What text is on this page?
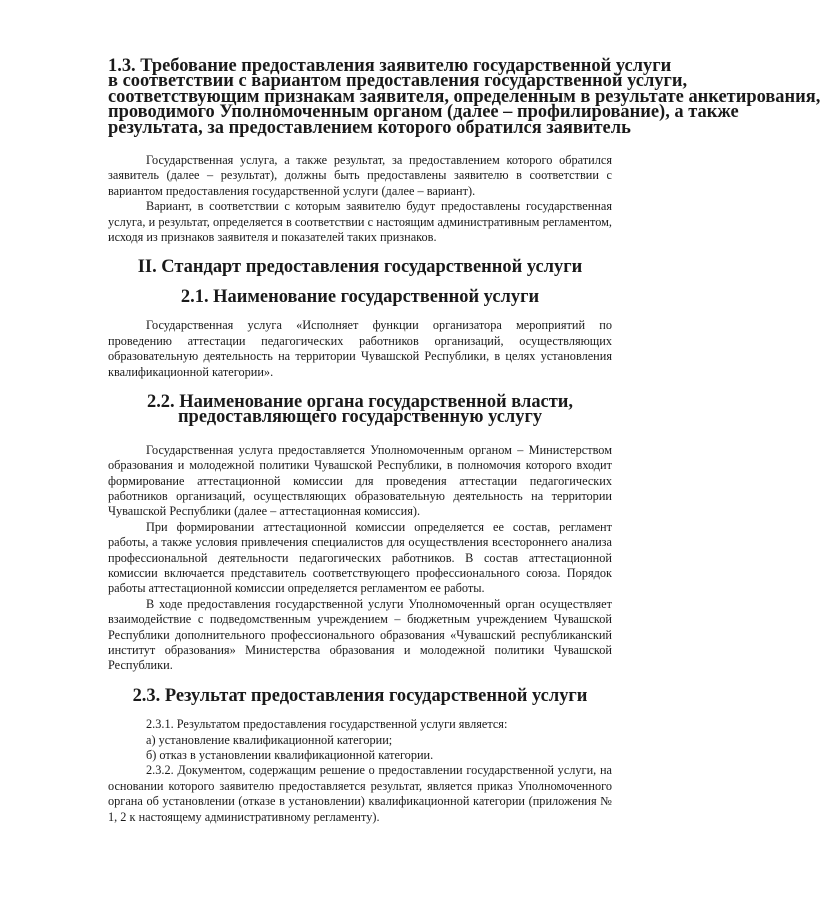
1.3. Требование предоставления заявителю государственной услуги
в соответствии с вариантом предоставления государственной услуги,
соответствующим признакам заявителя, определенным в результате анкетирования,
проводимого Уполномоченным органом (далее – профилирование), а также
результата, за предоставлением которого обратился заявитель

Государственная услуга, а также результат, за предоставлением которого обратился заявитель (далее – результат), должны быть предоставлены заявителю в соответствии с вариантом предоставления государственной услуги (далее – вариант).

Вариант, в соответствии с которым заявителю будут предоставлены государственная услуга, и результат, определяется в соответствии с настоящим административным регламентом, исходя из признаков заявителя и показателей таких признаков.

II. Стандарт предоставления государственной услуги
2.1. Наименование государственной услуги

Государственная услуга «Исполняет функции организатора мероприятий по проведению аттестации педагогических работников организаций, осуществляющих образовательную деятельность на территории Чувашской Республики, в целях установления квалификационной категории».

2.2. Наименование органа государственной власти,
предоставляющего государственную услугу

Государственная услуга предоставляется Уполномоченным органом – Министерством образования и молодежной политики Чувашской Республики, в полномочия которого входит формирование аттестационной комиссии для проведения аттестации педагогических работников организаций, осуществляющих образовательную деятельность на территории Чувашской Республики (далее – аттестационная комиссия).

При формировании аттестационной комиссии определяется ее состав, регламент работы, а также условия привлечения специалистов для осуществления всестороннего анализа профессиональной деятельности педагогических работников. В состав аттестационной комиссии включается представитель соответствующего профессионального союза. Порядок работы аттестационной комиссии определяется регламентом ее работы.

В ходе предоставления государственной услуги Уполномоченный орган осуществляет взаимодействие с подведомственным учреждением – бюджетным учреждением Чувашской Республики дополнительного профессионального образования «Чувашский республиканский институт образования» Министерства образования и молодежной политики Чувашской Республики.

2.3. Результат предоставления государственной услуги

2.3.1. Результатом предоставления государственной услуги является:

а) установление квалификационной категории;

б) отказ в установлении квалификационной категории.

2.3.2. Документом, содержащим решение о предоставлении государственной услуги, на основании которого заявителю предоставляется результат, является приказ Уполномоченного органа об установлении (отказе в установлении) квалификационной категории (приложения № 1, 2 к настоящему административному регламенту).
